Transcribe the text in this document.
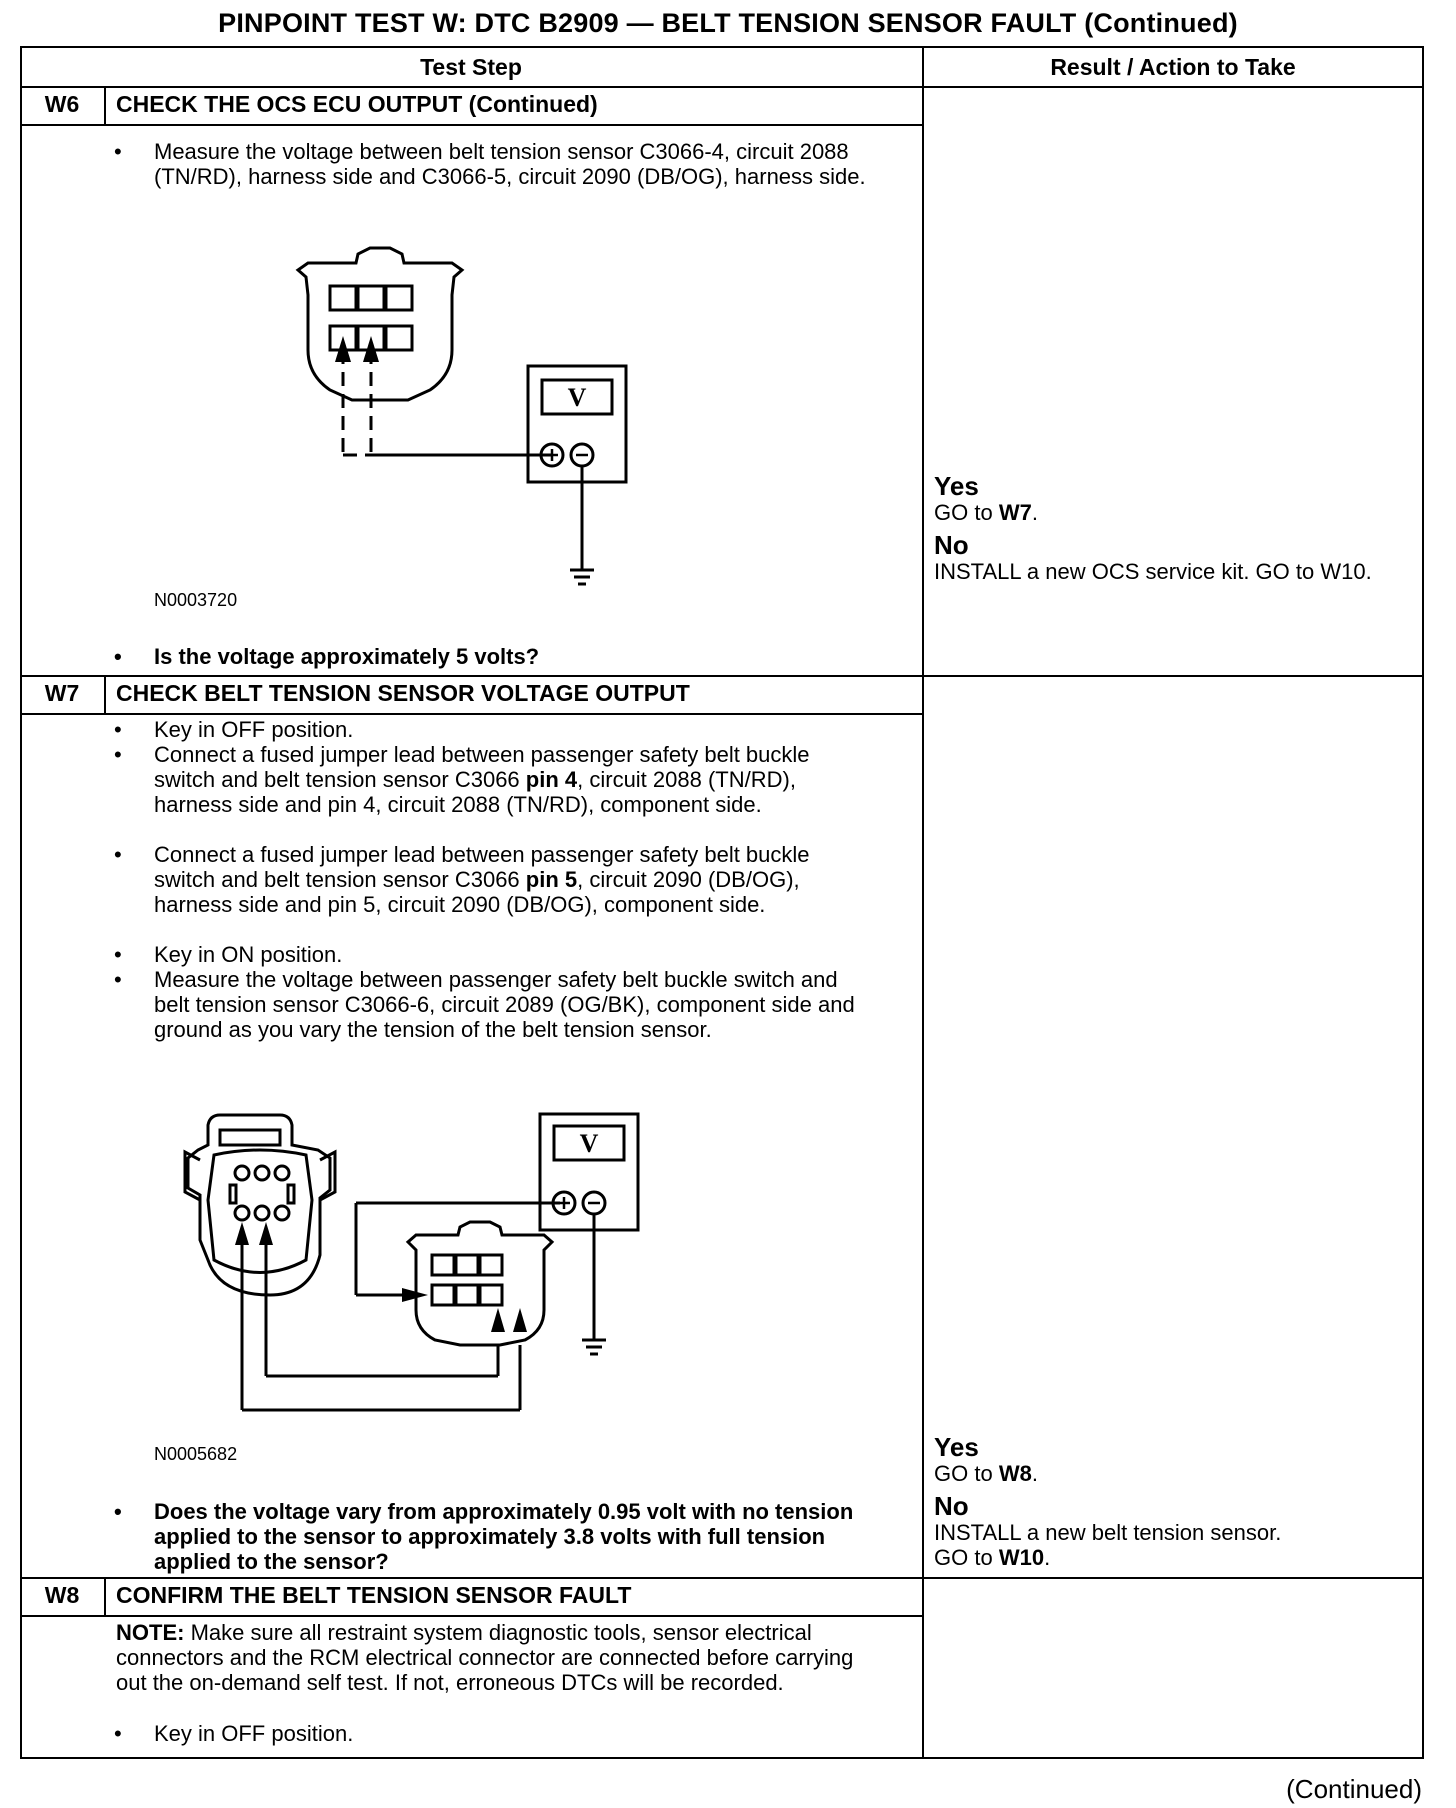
PINPOINT TEST W: DTC B2909 — BELT TENSION SENSOR FAULT (Continued)
Test Step	Result / Action to Take
W6	CHECK THE OCS ECU OUTPUT (Continued)
• Measure the voltage between belt tension sensor C3066-4, circuit 2088 (TN/RD), harness side and C3066-5, circuit 2090 (DB/OG), harness side.
V
N0003720
• Is the voltage approximately 5 volts?
Yes
GO to W7.
No
INSTALL a new OCS service kit. GO to W10.
W7	CHECK BELT TENSION SENSOR VOLTAGE OUTPUT
• Key in OFF position.
• Connect a fused jumper lead between passenger safety belt buckle switch and belt tension sensor C3066 pin 4, circuit 2088 (TN/RD), harness side and pin 4, circuit 2088 (TN/RD), component side.
• Connect a fused jumper lead between passenger safety belt buckle switch and belt tension sensor C3066 pin 5, circuit 2090 (DB/OG), harness side and pin 5, circuit 2090 (DB/OG), component side.
• Key in ON position.
• Measure the voltage between passenger safety belt buckle switch and belt tension sensor C3066-6, circuit 2089 (OG/BK), component side and ground as you vary the tension of the belt tension sensor.
V
N0005682
• Does the voltage vary from approximately 0.95 volt with no tension applied to the sensor to approximately 3.8 volts with full tension applied to the sensor?
Yes
GO to W8.
No
INSTALL a new belt tension sensor.
GO to W10.
W8	CONFIRM THE BELT TENSION SENSOR FAULT
NOTE: Make sure all restraint system diagnostic tools, sensor electrical connectors and the RCM electrical connector are connected before carrying out the on-demand self test. If not, erroneous DTCs will be recorded.
• Key in OFF position.
(Continued)
